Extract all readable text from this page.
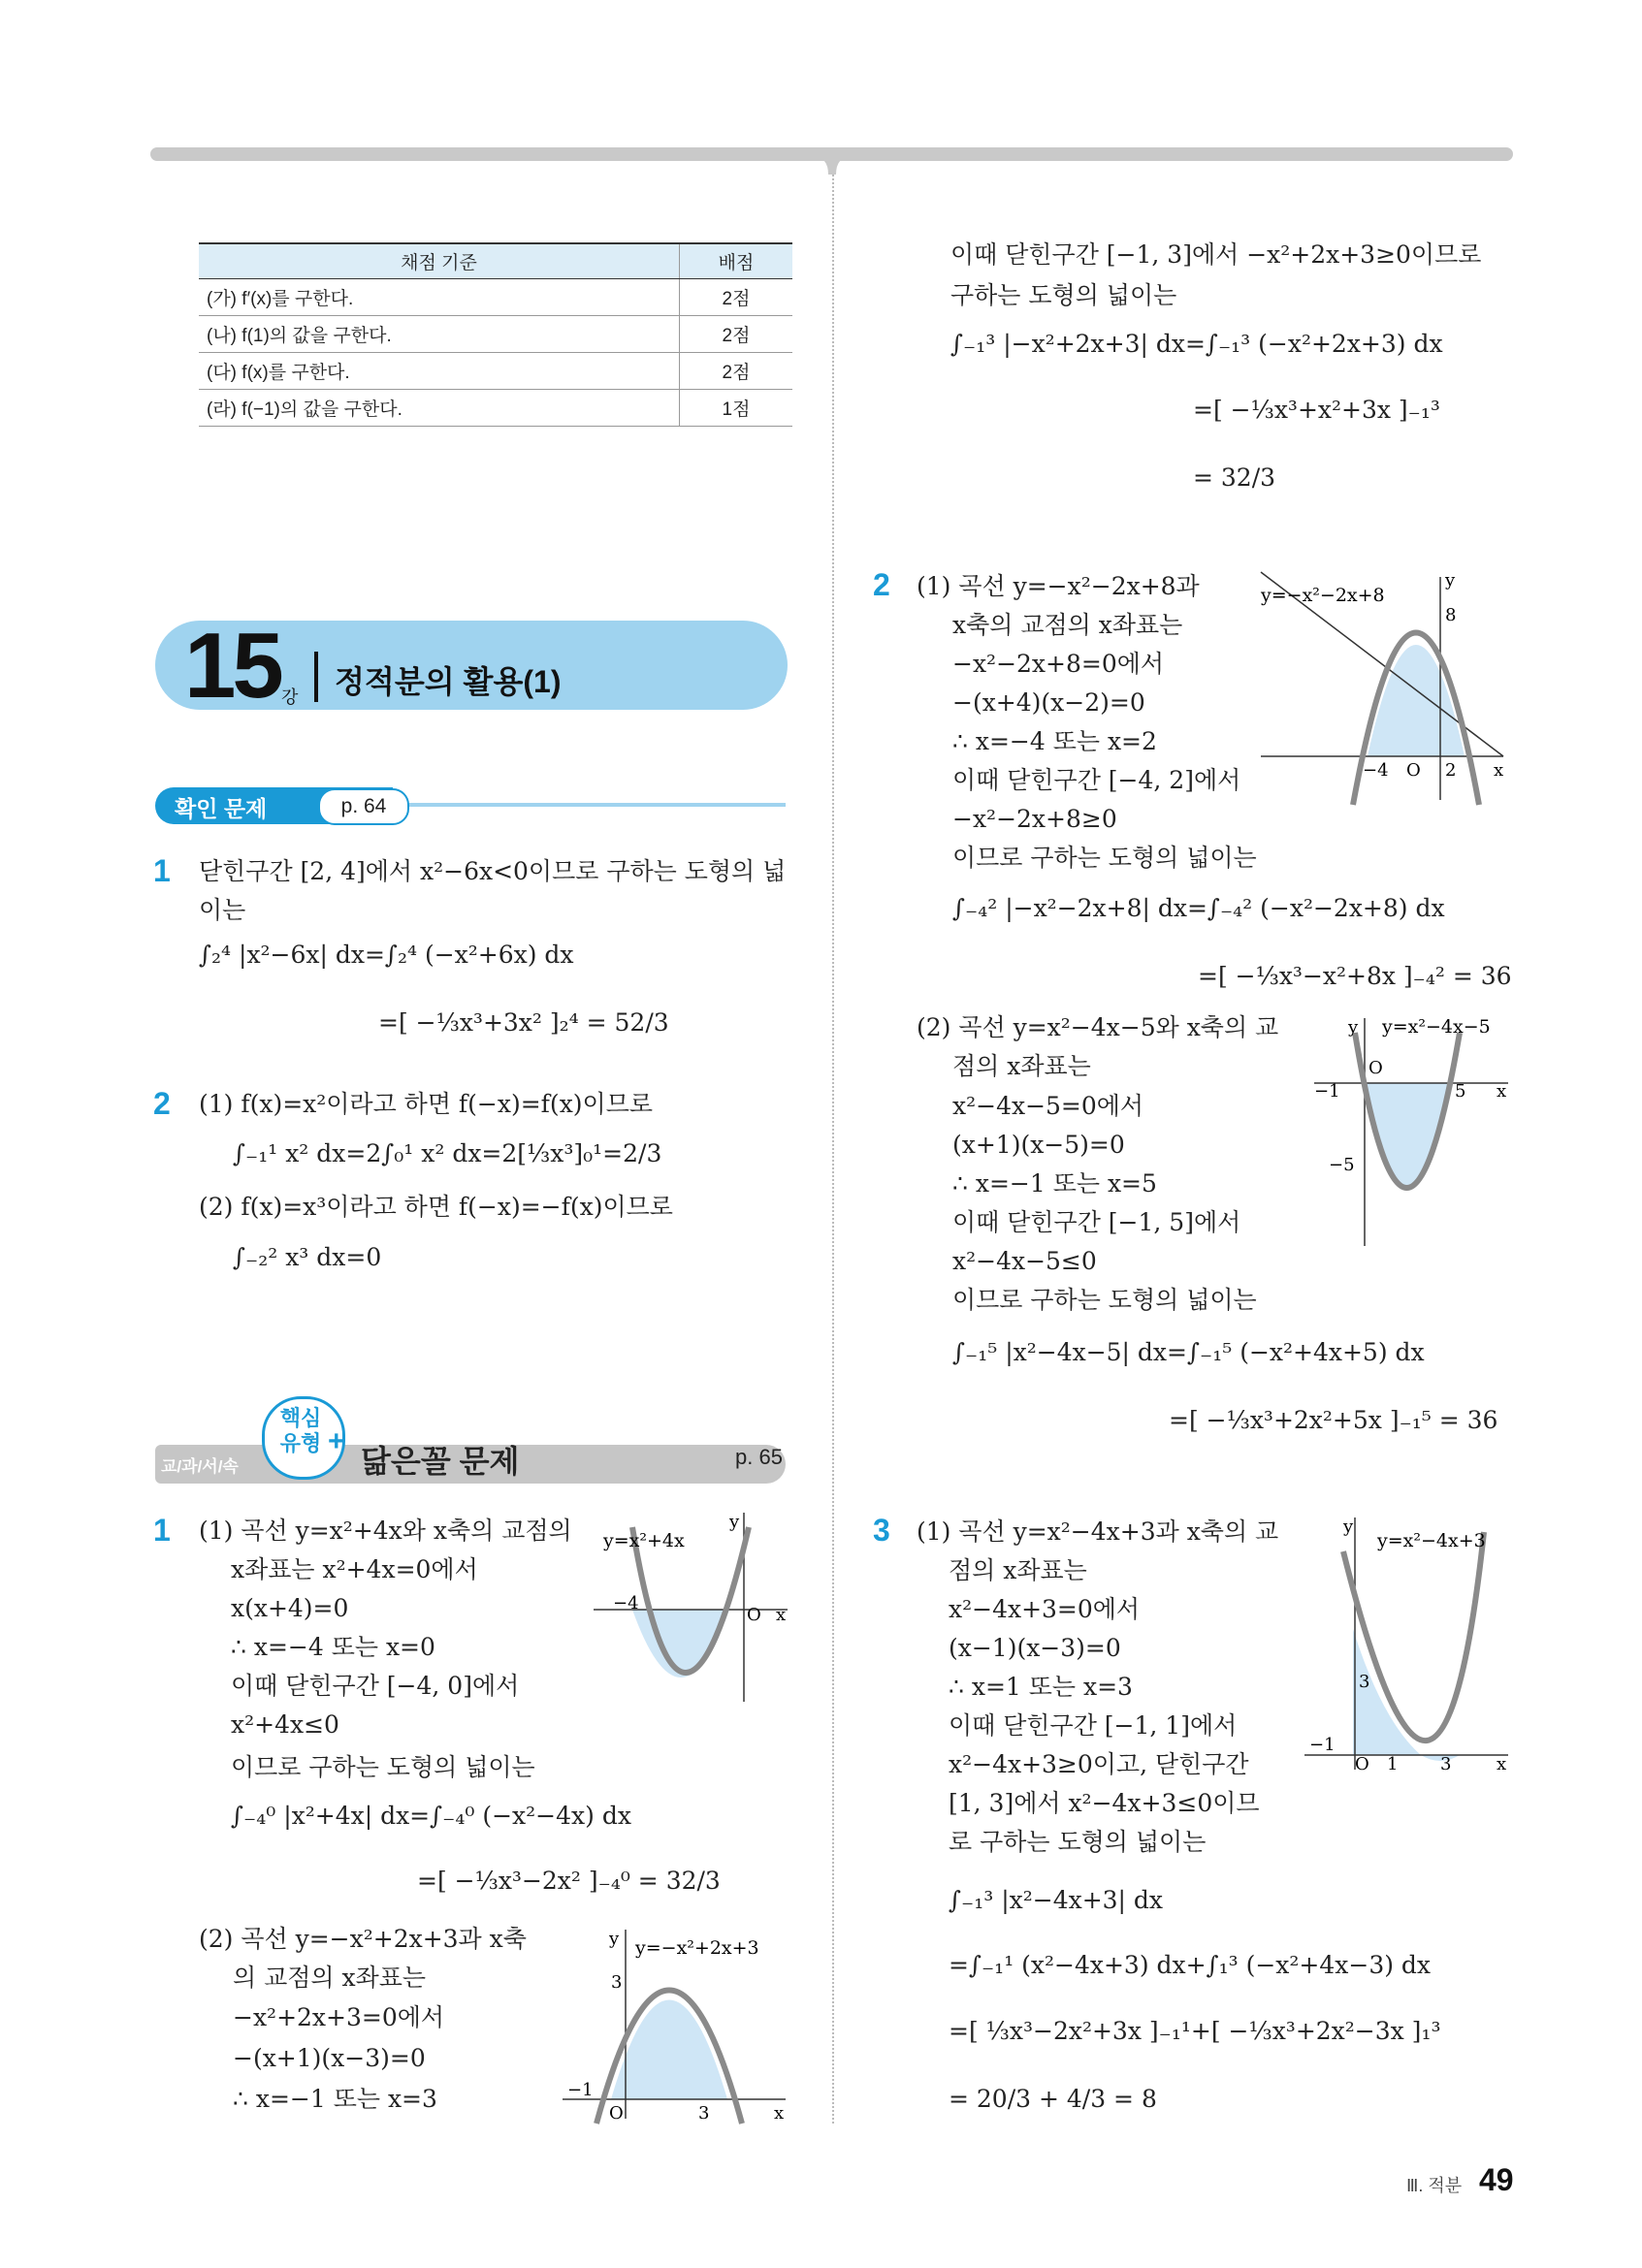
채점 기준	배점
(가) f′(x)를 구한다.	2점
(나) f(1)의 값을 구한다.	2점
(다) f(x)를 구한다.	2점
(라) f(−1)의 값을 구한다.	1점
15 강 정적분의 활용(1)
확인 문제	p. 64
1 닫힌구간 [2, 4]에서 x²−6x<0이므로 구하는 도형의 넓
이는
∫₂⁴ |x²−6x| dx=∫₂⁴ (−x²+6x) dx
=[ −⅓x³+3x² ]₂⁴ = 52/3
2 (1) f(x)=x²이라고 하면 f(−x)=f(x)이므로
∫₋₁¹ x² dx=2∫₀¹ x² dx=2[⅓x³]₀¹=2/3
(2) f(x)=x³이라고 하면 f(−x)=−f(x)이므로
∫₋₂² x³ dx=0
교/과/서/속
핵심
유형 +
닮은꼴 문제	p. 65
1 (1) 곡선 y=x²+4x와 x축의 교점의
x좌표는 x²+4x=0에서
x(x+4)=0
∴ x=−4 또는 x=0
이때 닫힌구간 [−4, 0]에서
x²+4x≤0
이므로 구하는 도형의 넓이는
∫₋₄⁰ |x²+4x| dx=∫₋₄⁰ (−x²−4x) dx
=[ −⅓x³−2x² ]₋₄⁰ = 32/3
y=x²+4x
y
x
O
−4
(2) 곡선 y=−x²+2x+3과 x축
의 교점의 x좌표는
−x²+2x+3=0에서
−(x+1)(x−3)=0
∴ x=−1 또는 x=3
y=−x²+2x+3
y
x
O
−1
3
3
이때 닫힌구간 [−1, 3]에서 −x²+2x+3≥0이므로
구하는 도형의 넓이는
∫₋₁³ |−x²+2x+3| dx=∫₋₁³ (−x²+2x+3) dx
=[ −⅓x³+x²+3x ]₋₁³
= 32/3
2 (1) 곡선 y=−x²−2x+8과
x축의 교점의 x좌표는
−x²−2x+8=0에서
−(x+4)(x−2)=0
∴ x=−4 또는 x=2
이때 닫힌구간 [−4, 2]에서
−x²−2x+8≥0
이므로 구하는 도형의 넓이는
∫₋₄² |−x²−2x+8| dx=∫₋₄² (−x²−2x+8) dx
=[ −⅓x³−x²+8x ]₋₄² = 36
y=−x²−2x+8
y
x
O
−4	2
8
(2) 곡선 y=x²−4x−5와 x축의 교
점의 x좌표는
x²−4x−5=0에서
(x+1)(x−5)=0
∴ x=−1 또는 x=5
이때 닫힌구간 [−1, 5]에서
x²−4x−5≤0
이므로 구하는 도형의 넓이는
∫₋₁⁵ |x²−4x−5| dx=∫₋₁⁵ (−x²+4x+5) dx
=[ −⅓x³+2x²+5x ]₋₁⁵ = 36
y=x²−4x−5
y
x
O
−1	5
−5
3 (1) 곡선 y=x²−4x+3과 x축의 교
점의 x좌표는
x²−4x+3=0에서
(x−1)(x−3)=0
∴ x=1 또는 x=3
이때 닫힌구간 [−1, 1]에서
x²−4x+3≥0이고, 닫힌구간
[1, 3]에서 x²−4x+3≤0이므
로 구하는 도형의 넓이는
∫₋₁³ |x²−4x+3| dx
=∫₋₁¹ (x²−4x+3) dx+∫₁³ (−x²+4x−3) dx
=[ ⅓x³−2x²+3x ]₋₁¹+[ −⅓x³+2x²−3x ]₁³
= 20/3 + 4/3 = 8
y=x²−4x+3
y
x
O
−1
1 3
3
Ⅲ. 적분 49
